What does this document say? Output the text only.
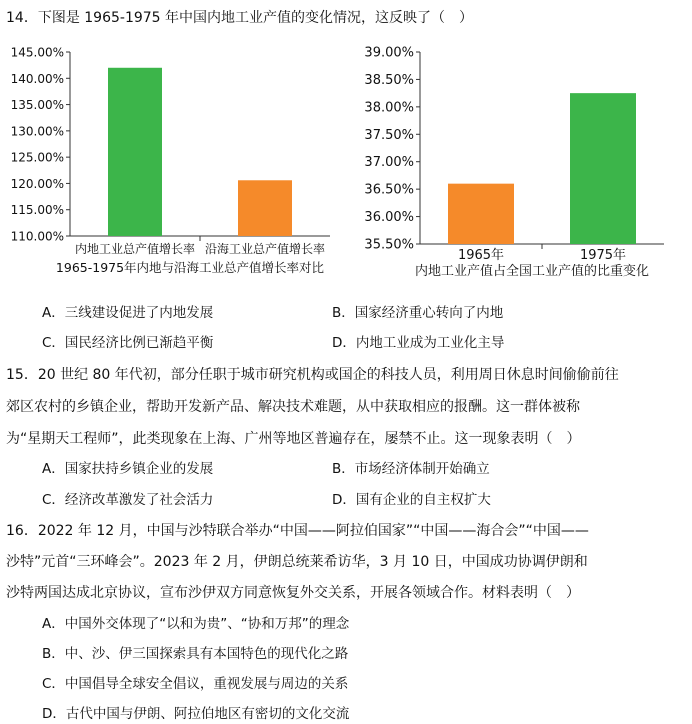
14．下图是 1965-1975 年中国内地工业产值的变化情况，这反映了（　）
110.00%
115.00%
120.00%
125.00%
130.00%
135.00%
140.00%
145.00%
内地工业总产值增长率 沿海工业总产值增长率
1965-1975年内地与沿海工业总产值增长率对比
35.50%
36.00%
36.50%
37.00%
37.50%
38.00%
38.50%
39.00%
1965年	1975年
内地工业产值占全国工业产值的比重变化
A．三线建设促进了内地发展	B．国家经济重心转向了内地
C．国民经济比例已渐趋平衡	D．内地工业成为工业化主导
15．20 世纪 80 年代初，部分任职于城市研究机构或国企的科技人员，利用周日休息时间偷偷前往
郊区农村的乡镇企业，帮助开发新产品、解决技术难题，从中获取相应的报酬。这一群体被称
为“星期天工程师”，此类现象在上海、广州等地区普遍存在，屡禁不止。这一现象表明（　）
A．国家扶持乡镇企业的发展	B．市场经济体制开始确立
C．经济改革激发了社会活力	D．国有企业的自主权扩大
16．2022 年 12 月，中国与沙特联合举办“中国——阿拉伯国家”“中国——海合会”“中国——
沙特”元首“三环峰会”。2023 年 2 月，伊朗总统莱希访华，3 月 10 日，中国成功协调伊朗和
沙特两国达成北京协议，宣布沙伊双方同意恢复外交关系，开展各领域合作。材料表明（　）
A．中国外交体现了“以和为贵”、“协和万邦”的理念
B．中、沙、伊三国探索具有本国特色的现代化之路
C．中国倡导全球安全倡议，重视发展与周边的关系
D．古代中国与伊朗、阿拉伯地区有密切的文化交流
